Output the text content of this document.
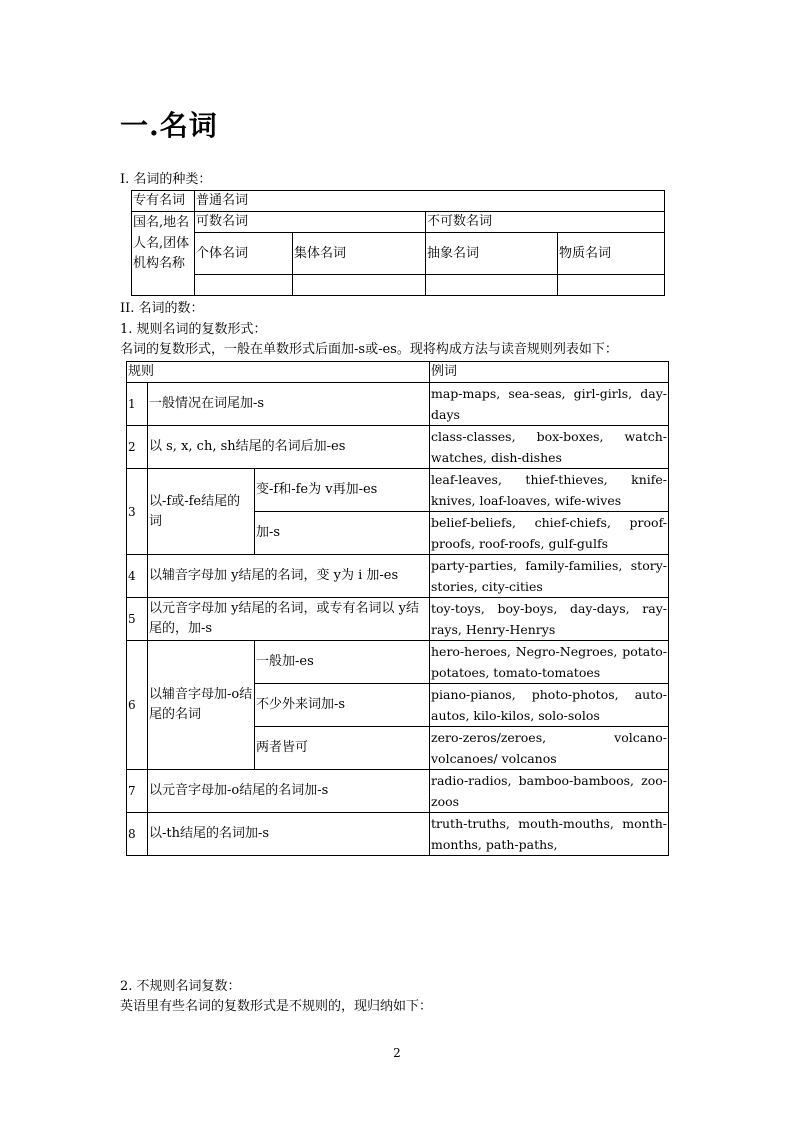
一.名词
I. 名词的种类：
专有名词	普通名词			

国名,地名
人名,团体
机构名称	可数名词		不可数名词	
	个体名词	集体名词	抽象名词	物质名词

II. 名词的数：
1. 规则名词的复数形式：
名词的复数形式，一般在单数形式后面加-s或-es。现将构成方法与读音规则列表如下：
规则			例词
1	一般情况在词尾加-s		map-maps, sea-seas, girl-girls, day-days
2	以 s, x, ch, sh结尾的名词后加-es		class-classes, box-boxes, watch-watches, dish-dishes
3	以-f或-fe结尾的词	变-f和-fe为 v再加-es	leaf-leaves, thief-thieves, knife-knives, loaf-loaves, wife-wives
		加-s	belief-beliefs, chief-chiefs, proof-proofs, roof-roofs, gulf-gulfs
4	以辅音字母加 y结尾的名词，变 y为 i 加-es		party-parties, family-families, story-stories, city-cities
5	以元音字母加 y结尾的名词，或专有名词以 y结尾的，加-s		toy-toys, boy-boys, day-days, ray-rays, Henry-Henrys
6	以辅音字母加-o结尾的名词	一般加-es	hero-heroes, Negro-Negroes, potato-potatoes, tomato-tomatoes
		不少外来词加-s	piano-pianos, photo-photos, auto-autos, kilo-kilos, solo-solos
		两者皆可	zero-zeros/zeroes, volcano-volcanoes/ volcanos
7	以元音字母加-o结尾的名词加-s		radio-radios, bamboo-bamboos, zoo-zoos
8	以-th结尾的名词加-s		truth-truths, mouth-mouths, month-months, path-paths,
2. 不规则名词复数：
英语里有些名词的复数形式是不规则的，现归纳如下：
2
